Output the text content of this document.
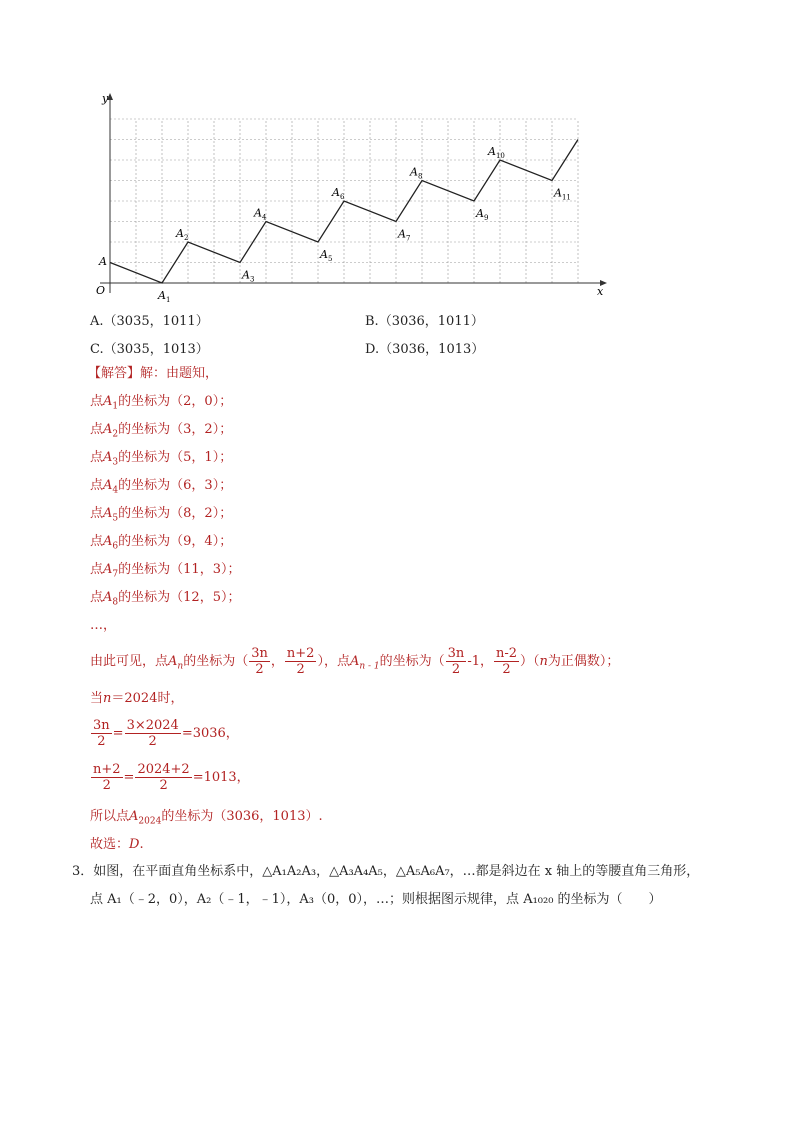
x
y
O
A
$A_1$
$A_2$
$A_3$
$A_4$
$A_5$
$A_6$
$A_7$
$A_8$
$A_9$
$A_{10}$
$A_{11}$
A.（3035，1011）	B.（3036，1011）
C.（3035，1013）	D.（3036，1013）
【解答】解：由题知，
点$A_1$的坐标为（2，0）；
点$A_2$的坐标为（3，2）；
点$A_3$的坐标为（5，1）；
点$A_4$的坐标为（6，3）；
点$A_5$的坐标为（8，2）；
点$A_6$的坐标为（9，4）；
点$A_7$的坐标为（11，3）；
点$A_8$的坐标为（12，5）；
…，
由此可见，点$A_n$的坐标为（ $\frac{3n}{2}$ ， $\frac{n+2}{2}$ ），点$A_{n - 1}$的坐标为（ $\frac{3n}{2} -1$， $\frac{n-2}{2} )(n$为正偶数）；
当n＝2024时，
$\frac{3n}{2} = \frac{3\times 2024}{2} =3036$，
$\frac{n+2}{2} = \frac{2024+2}{2} =1013$，
所以点$A_{2024}$的坐标为（3036，1013）.
故选：D.
3．如图，在平面直角坐标系中，△A₁A₂A₃，△A₃A₄A₅，△A₅A₆A₇，…都是斜边在 x 轴上的等腰直角三角形，
点 A₁（﹣2，0），A₂（﹣1，﹣1），A₃（0，0），…；则根据图示规律，点 A₁₀₂₀ 的坐标为（　　）
